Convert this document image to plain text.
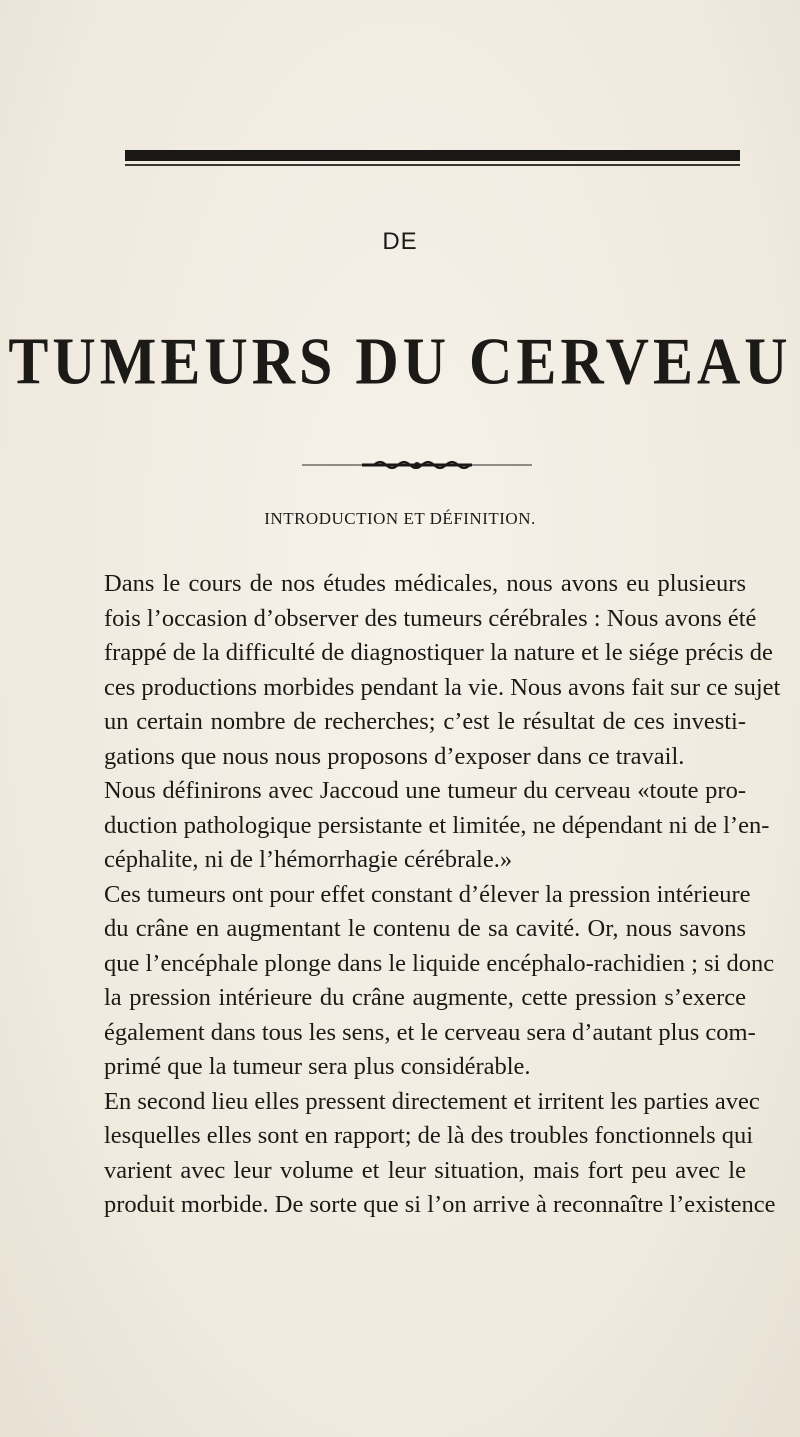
DE
TUMEURS DU CERVEAU
INTRODUCTION ET DÉFINITION.
Dans le cours de nos études médicales, nous avons eu plusieurs
fois l’occasion d’observer des tumeurs cérébrales : Nous avons été
frappé de la difficulté de diagnostiquer la nature et le siége précis de
ces productions morbides pendant la vie. Nous avons fait sur ce sujet
un certain nombre de recherches; c’est le résultat de ces investi-
gations que nous nous proposons d’exposer dans ce travail.
Nous définirons avec Jaccoud une tumeur du cerveau «toute pro-
duction pathologique persistante et limitée, ne dépendant ni de l’en-
céphalite, ni de l’hémorrhagie cérébrale.»
Ces tumeurs ont pour effet constant d’élever la pression intérieure
du crâne en augmentant le contenu de sa cavité. Or, nous savons
que l’encéphale plonge dans le liquide encéphalo-rachidien ; si donc
la pression intérieure du crâne augmente, cette pression s’exerce
également dans tous les sens, et le cerveau sera d’autant plus com-
primé que la tumeur sera plus considérable.
En second lieu elles pressent directement et irritent les parties avec
lesquelles elles sont en rapport; de là des troubles fonctionnels qui
varient avec leur volume et leur situation, mais fort peu avec le
produit morbide. De sorte que si l’on arrive à reconnaître l’existence
